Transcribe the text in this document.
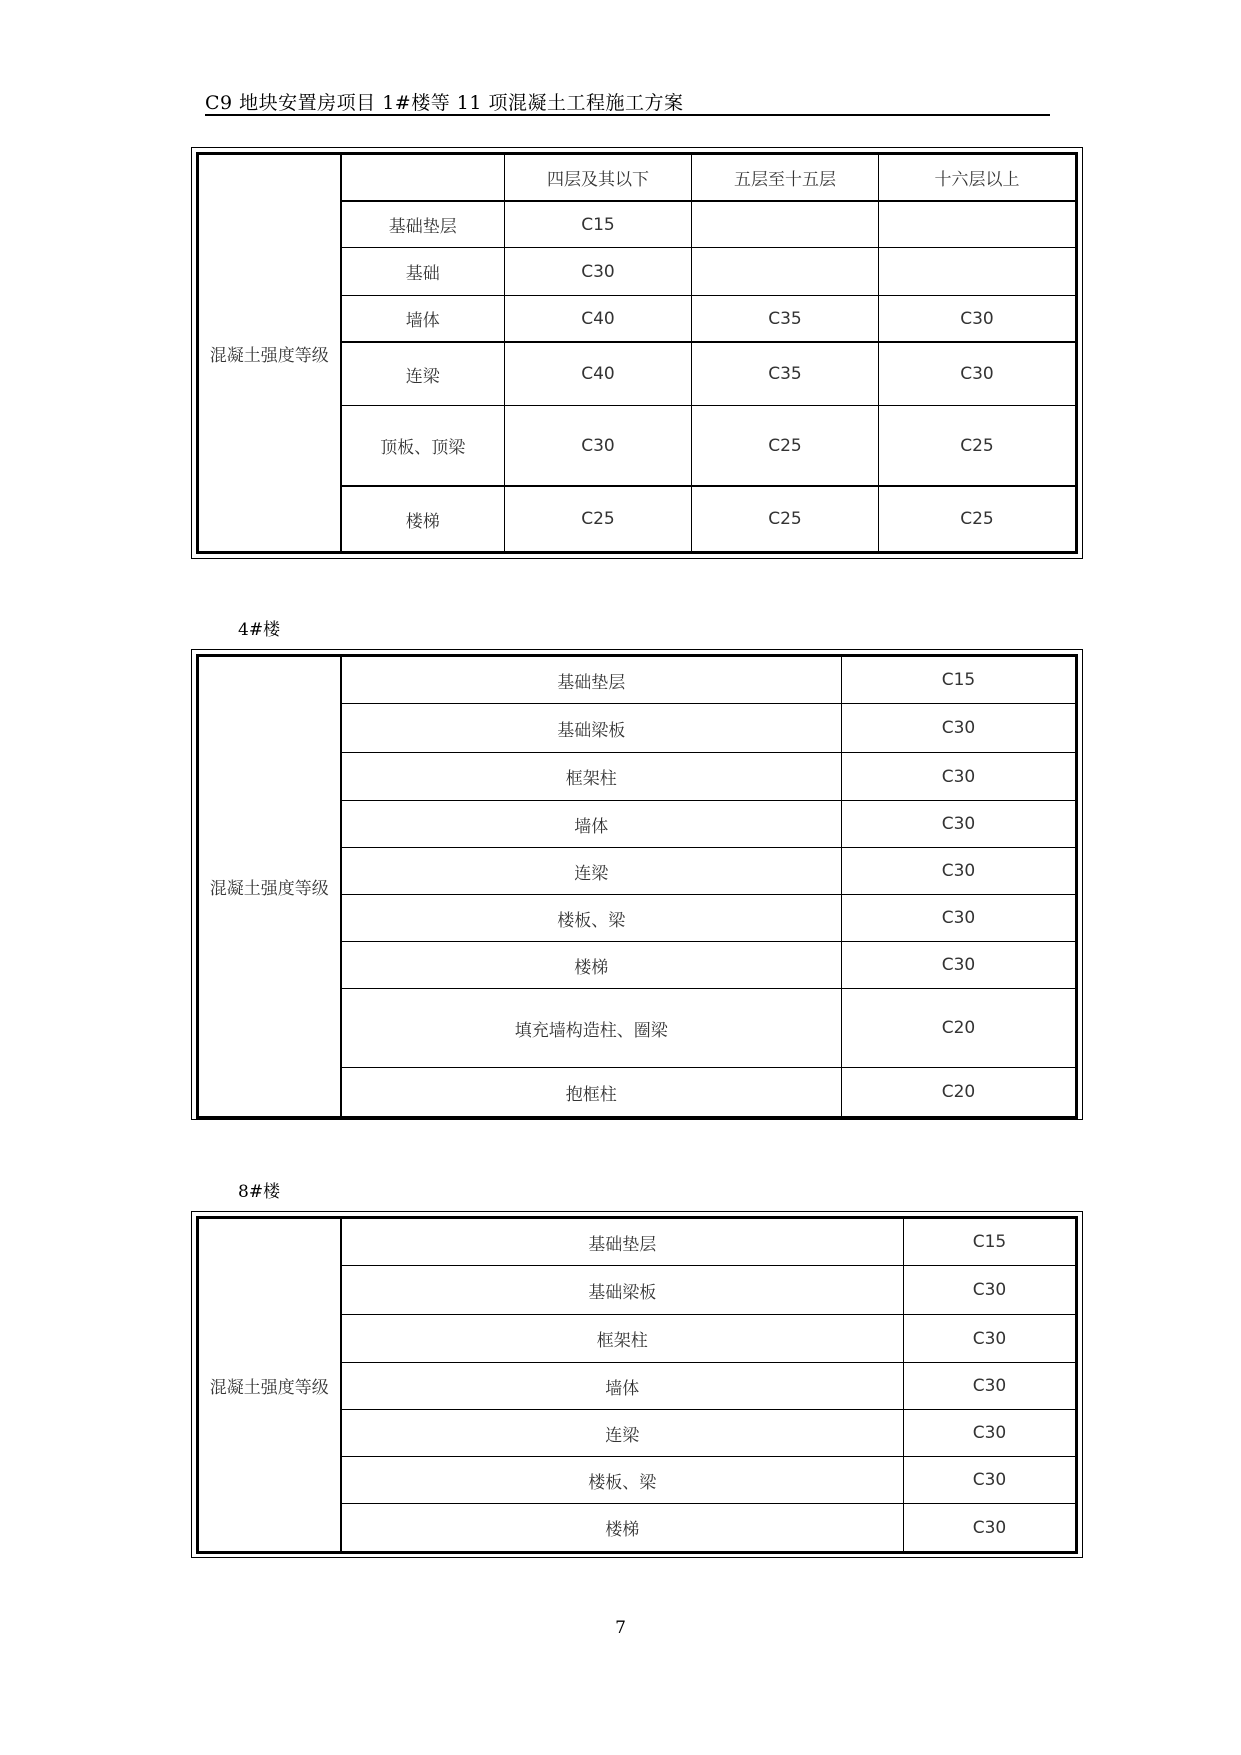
C9 地块安置房项目 1#楼等 11 项混凝土工程施工方案
混凝土强度等级		四层及其以下	五层至十五层	十六层以上
	基础垫层	C15		
	基础	C30		
	墙体	C40	C35	C30
	连梁	C40	C35	C30
	顶板、顶梁	C30	C25	C25
	楼梯	C25	C25	C25
4#楼
混凝土强度等级	基础垫层	C15
	基础梁板	C30
	框架柱	C30
	墙体	C30
	连梁	C30
	楼板、梁	C30
	楼梯	C30
	填充墙构造柱、圈梁	C20
	抱框柱	C20
8#楼
混凝土强度等级	基础垫层	C15
	基础梁板	C30
	框架柱	C30
	墙体	C30
	连梁	C30
	楼板、梁	C30
	楼梯	C30
7
